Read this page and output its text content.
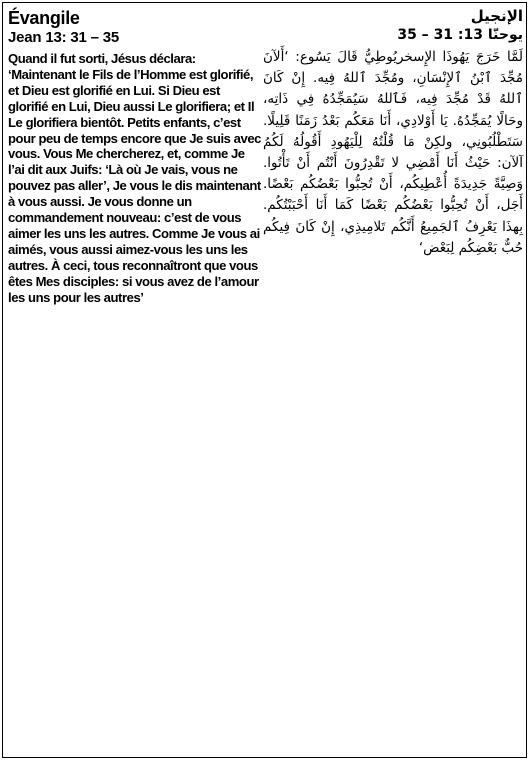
Évangile
Jean 13: 31 – 35

Quand il fut sorti, Jésus déclara: ‘Maintenant le Fils de l’Homme est glorifié, et Dieu est glorifié en Lui. Si Dieu est glorifié en Lui, Dieu aussi Le glorifiera; et Il Le glorifiera bientôt. Petits enfants, c’est pour peu de temps encore que Je suis avec vous. Vous Me chercherez, et, comme Je l’ai dit aux Juifs: ‘Là où Je vais, vous ne pouvez pas aller’, Je vous le dis maintenant à vous aussi. Je vous donne un commandement nouveau: c’est de vous aimer les uns les autres. Comme Je vous ai aimés, vous aussi aimez-vous les uns les autres. À ceci, tous reconnaîtront que vous êtes Mes disciples: si vous avez de l’amour les uns pour les autres’

الإنجيل
يوحنّا 13: 31 – 35

لَمَّا خَرَجَ يَهُوذَا الإِسخريُوطِيُّ قَالَ يَسُوع: ‘أَلآنَ مُجِّدَ ٱبْنُ ٱلإِنْسَانِ، ومُجِّدَ ٱللهُ فِيه. إِنْ كَانَ ٱللهُ قَدْ مُجِّدَ فِيه، فَٱللهُ سَيُمَجِّدُهُ فِي ذَاتِه، وحَالًا يُمَجِّدُهُ. يَا أَوْلادِي، أَنَا مَعَكُم بَعْدُ زَمَنًا قَلِيلًا. سَتَطْلُبُونِي، ولكِنْ مَا قُلْتُهُ لِلْيَهُودِ أَقُولُهُ لَكُمُ آلآن: حَيْثُ أَنَا أَمْضِي لا تَقْدِرُونَ أَنْتُم أَنْ تَأْتُوا. وَصِيَّةً جَدِيدَةً أُعْطِيكُم، أَنْ تُحِبُّوا بَعْضُكُم بَعْضًا. أَجَل، أَنْ تُحِبُّوا بَعْضُكُم بَعْضًا كَمَا أَنَا أَحْبَبْتُكُم. بِهذَا يَعْرِفُ ٱلجَمِيعُ أَنَّكُم تَلامِيذِي، إِنْ كَانَ فِيكُم حُبٌّ بَعْضِكُم لِبَعْض‘
